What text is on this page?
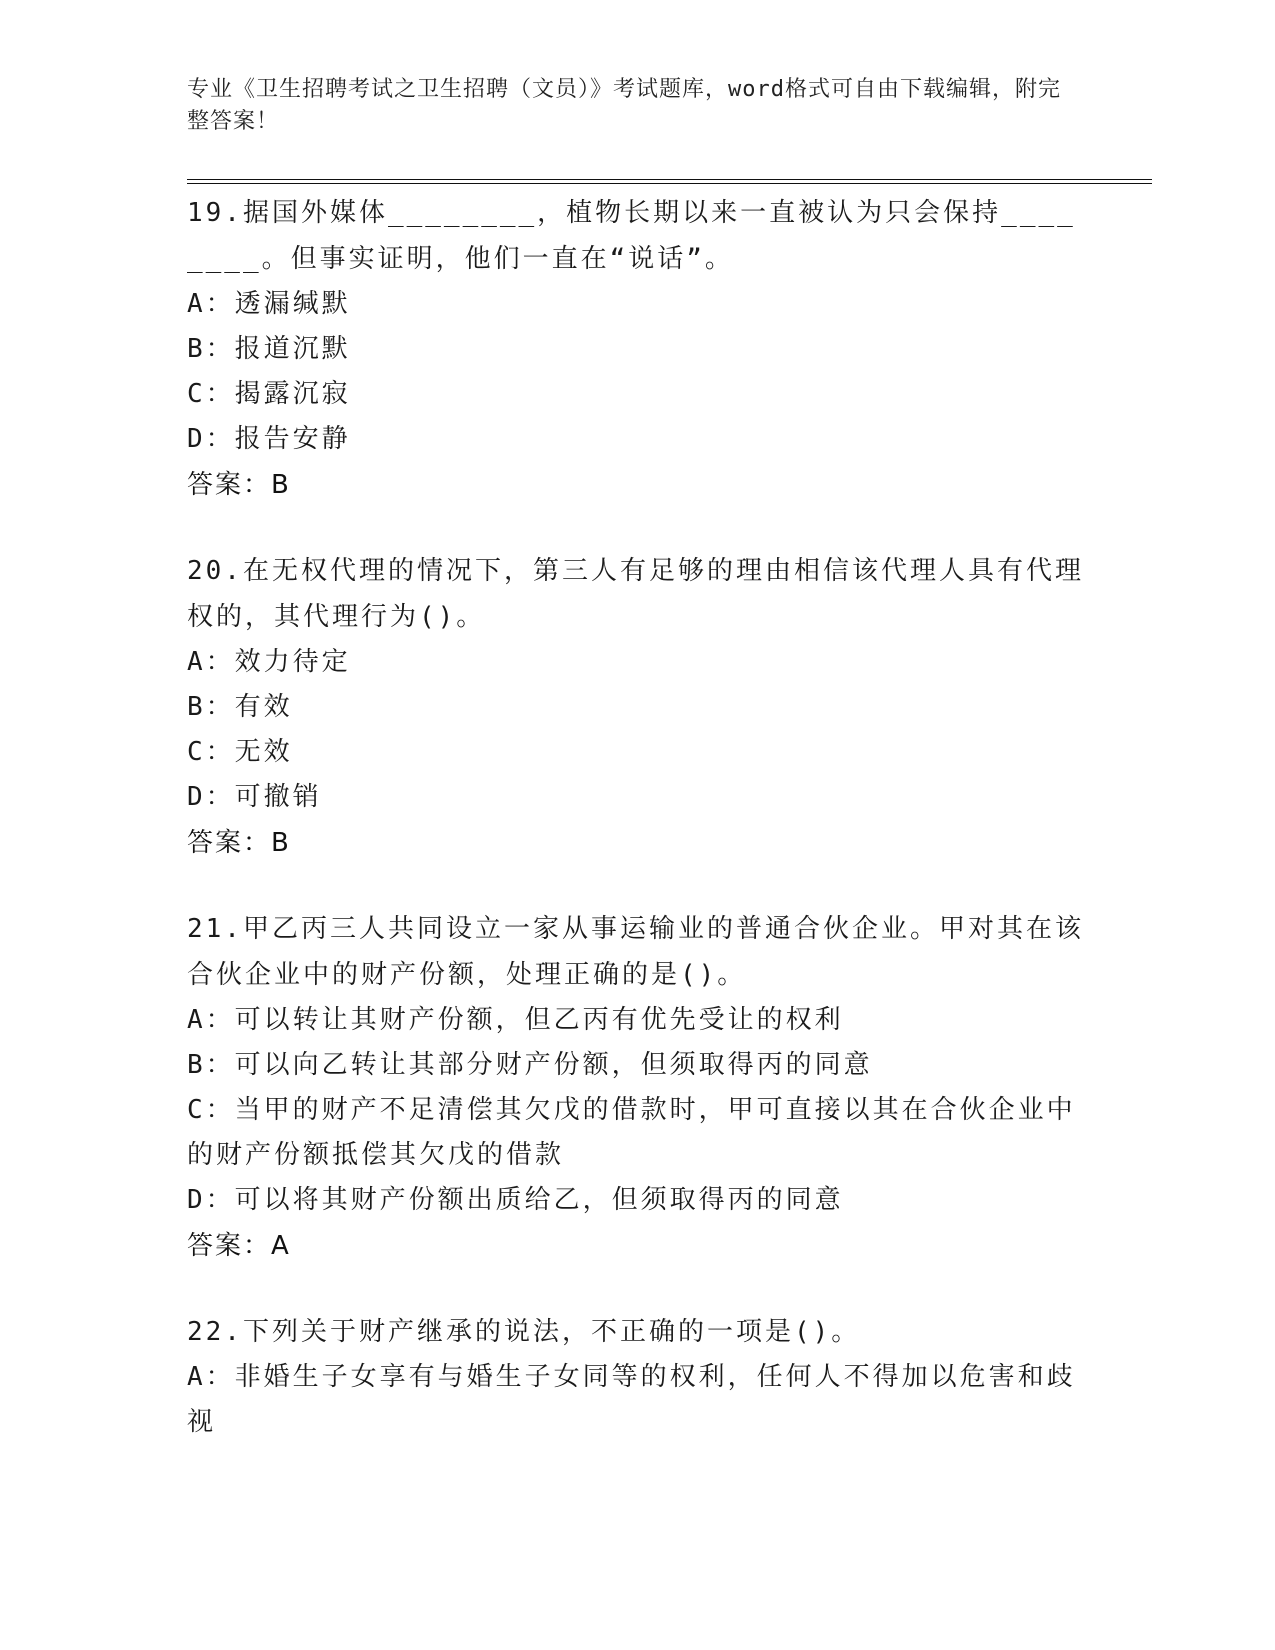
专业《卫生招聘考试之卫生招聘（文员）》考试题库，word格式可自由下载编辑，附完整答案！
19.据国外媒体________，植物长期以来一直被认为只会保持________。但事实证明，他们一直在“说话”。
A：透漏缄默
B：报道沉默
C：揭露沉寂
D：报告安静
答案：B
20.在无权代理的情况下，第三人有足够的理由相信该代理人具有代理权的，其代理行为()。
A：效力待定
B：有效
C：无效
D：可撤销
答案：B
21.甲乙丙三人共同设立一家从事运输业的普通合伙企业。甲对其在该合伙企业中的财产份额，处理正确的是()。
A：可以转让其财产份额，但乙丙有优先受让的权利
B：可以向乙转让其部分财产份额，但须取得丙的同意
C：当甲的财产不足清偿其欠戊的借款时，甲可直接以其在合伙企业中的财产份额抵偿其欠戊的借款
D：可以将其财产份额出质给乙，但须取得丙的同意
答案：A
22.下列关于财产继承的说法，不正确的一项是()。
A：非婚生子女享有与婚生子女同等的权利，任何人不得加以危害和歧视
